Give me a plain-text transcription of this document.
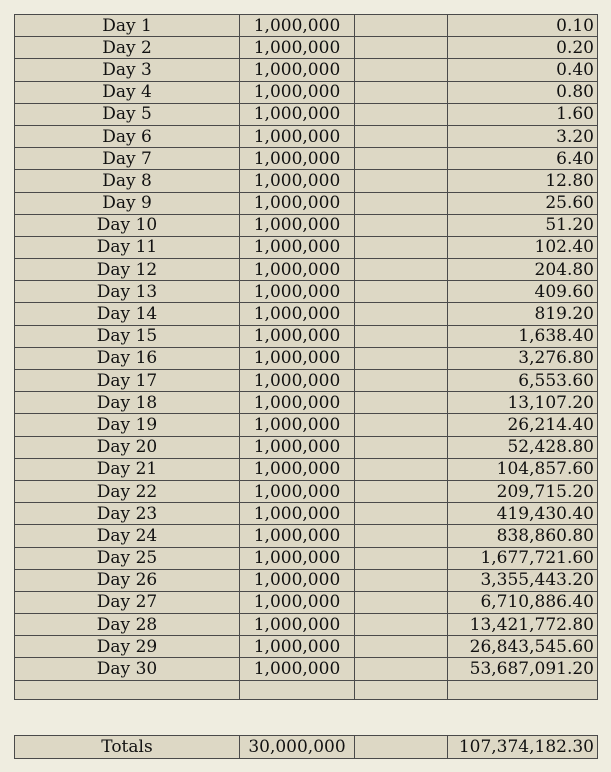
Day 1	1,000,000		0.10
Day 2	1,000,000		0.20
Day 3	1,000,000		0.40
Day 4	1,000,000		0.80
Day 5	1,000,000		1.60
Day 6	1,000,000		3.20
Day 7	1,000,000		6.40
Day 8	1,000,000		12.80
Day 9	1,000,000		25.60
Day 10	1,000,000		51.20
Day 11	1,000,000		102.40
Day 12	1,000,000		204.80
Day 13	1,000,000		409.60
Day 14	1,000,000		819.20
Day 15	1,000,000		1,638.40
Day 16	1,000,000		3,276.80
Day 17	1,000,000		6,553.60
Day 18	1,000,000		13,107.20
Day 19	1,000,000		26,214.40
Day 20	1,000,000		52,428.80
Day 21	1,000,000		104,857.60
Day 22	1,000,000		209,715.20
Day 23	1,000,000		419,430.40
Day 24	1,000,000		838,860.80
Day 25	1,000,000		1,677,721.60
Day 26	1,000,000		3,355,443.20
Day 27	1,000,000		6,710,886.40
Day 28	1,000,000		13,421,772.80
Day 29	1,000,000		26,843,545.60
Day 30	1,000,000		53,687,091.20

Totals	30,000,000		107,374,182.30
